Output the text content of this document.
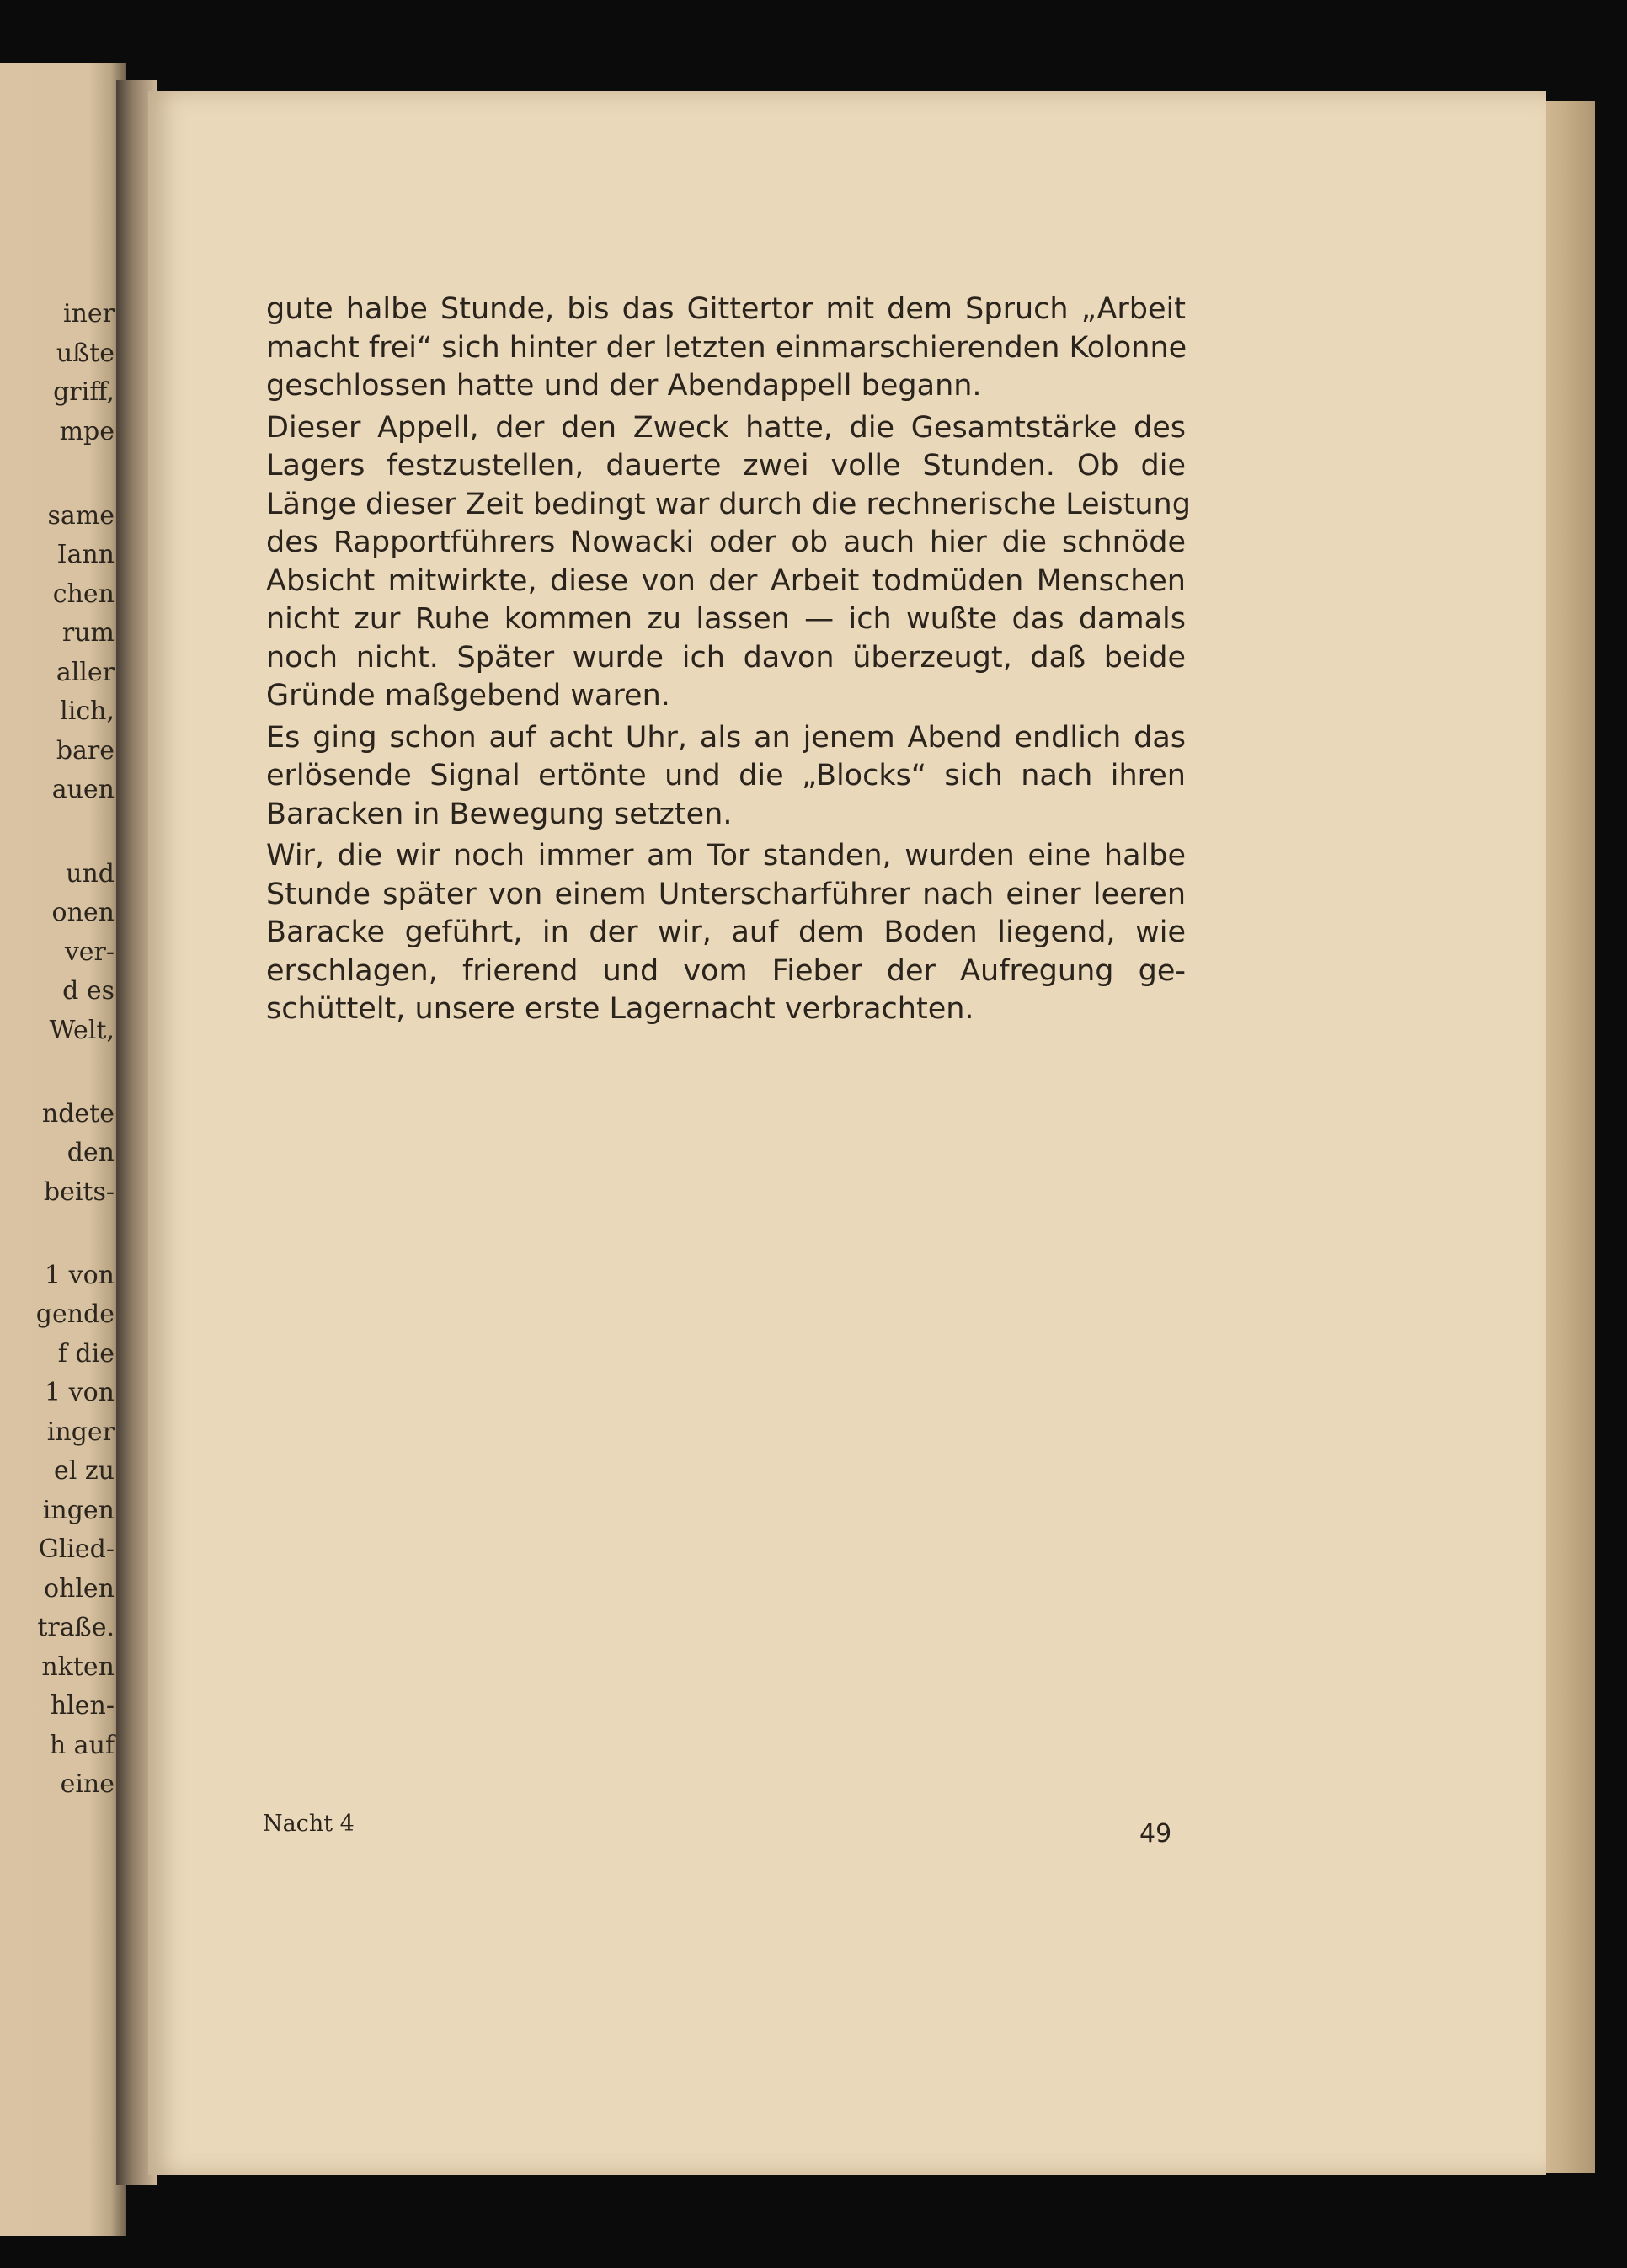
iner

ußte

griff,

mpe

same

Iann

chen

rum

aller

lich,

bare

auen

und

onen

ver-

d es

Welt,

ndete

den

beits-

1 von

gende

f die

1 von

inger

el zu

ingen

Glied-

ohlen

traße.

nkten

hlen-

h auf

eine

gute halbe Stunde, bis das Gittertor mit dem Spruch „Arbeit
macht frei“ sich hinter der letzten einmarschierenden Kolonne
geschlossen hatte und der Abendappell begann.

Dieser Appell, der den Zweck hatte, die Gesamtstärke des
Lagers festzustellen, dauerte zwei volle Stunden. Ob die
Länge dieser Zeit bedingt war durch die rechnerische Leistung
des Rapportführers Nowacki oder ob auch hier die schnöde
Absicht mitwirkte, diese von der Arbeit todmüden Menschen
nicht zur Ruhe kommen zu lassen — ich wußte das damals
noch nicht. Später wurde ich davon überzeugt, daß beide
Gründe maßgebend waren.

Es ging schon auf acht Uhr, als an jenem Abend endlich das
erlösende Signal ertönte und die „Blocks“ sich nach ihren
Baracken in Bewegung setzten.

Wir, die wir noch immer am Tor standen, wurden eine halbe
Stunde später von einem Unterscharführer nach einer leeren
Baracke geführt, in der wir, auf dem Boden liegend, wie
erschlagen, frierend und vom Fieber der Aufregung ge-
schüttelt, unsere erste Lagernacht verbrachten.

Nacht 4	49
